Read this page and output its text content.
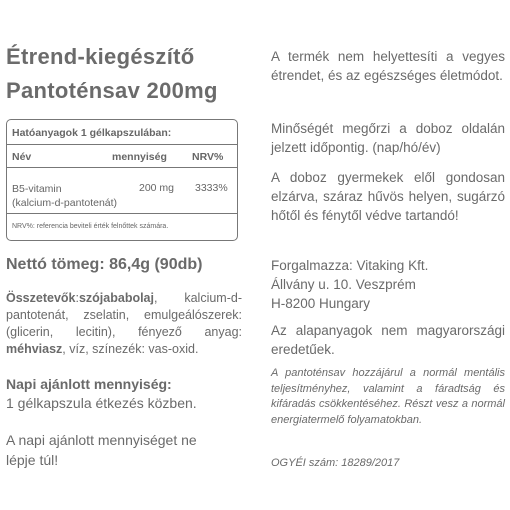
Étrend-kiegészítő
Pantoténsav 200mg
Hatóanyagok 1 gélkapszulában:
Név	mennyiség NRV%
B5-vitamin
(kalcium-d-pantotenát)
200 mg 3333%
NRV%: referencia beviteli érték felnőttek számára.
Nettó tömeg: 86,4g (90db)
Összetevők:szójababolaj, kalcium-d-pantotenát, zselatin, emulgeálószerek: (glicerin, lecitin), fényező anyag: méhviasz, víz, színezék: vas-oxid.
Napi ajánlott mennyiség:
1 gélkapszula étkezés közben.
A napi ajánlott mennyiséget ne
lépje túl!
A termék nem helyettesíti a vegyes étrendet, és az egészséges életmódot.
Minőségét megőrzi a doboz oldalán jelzett időpontig. (nap/hó/év)
A doboz gyermekek elől gondosan elzárva, száraz hűvös helyen, sugárzó hőtől és fénytől védve tartandó!
Forgalmazza: Vitaking Kft.
Állvány u. 10. Veszprém
H-8200 Hungary
Az alapanyagok nem magyarországi eredetűek.
A pantoténsav hozzájárul a normál mentális teljesítményhez, valamint a fáradtság és kifáradás csökkentéséhez. Részt vesz a normál energiatermelő folyamatokban.
OGYÉI szám: 18289/2017
